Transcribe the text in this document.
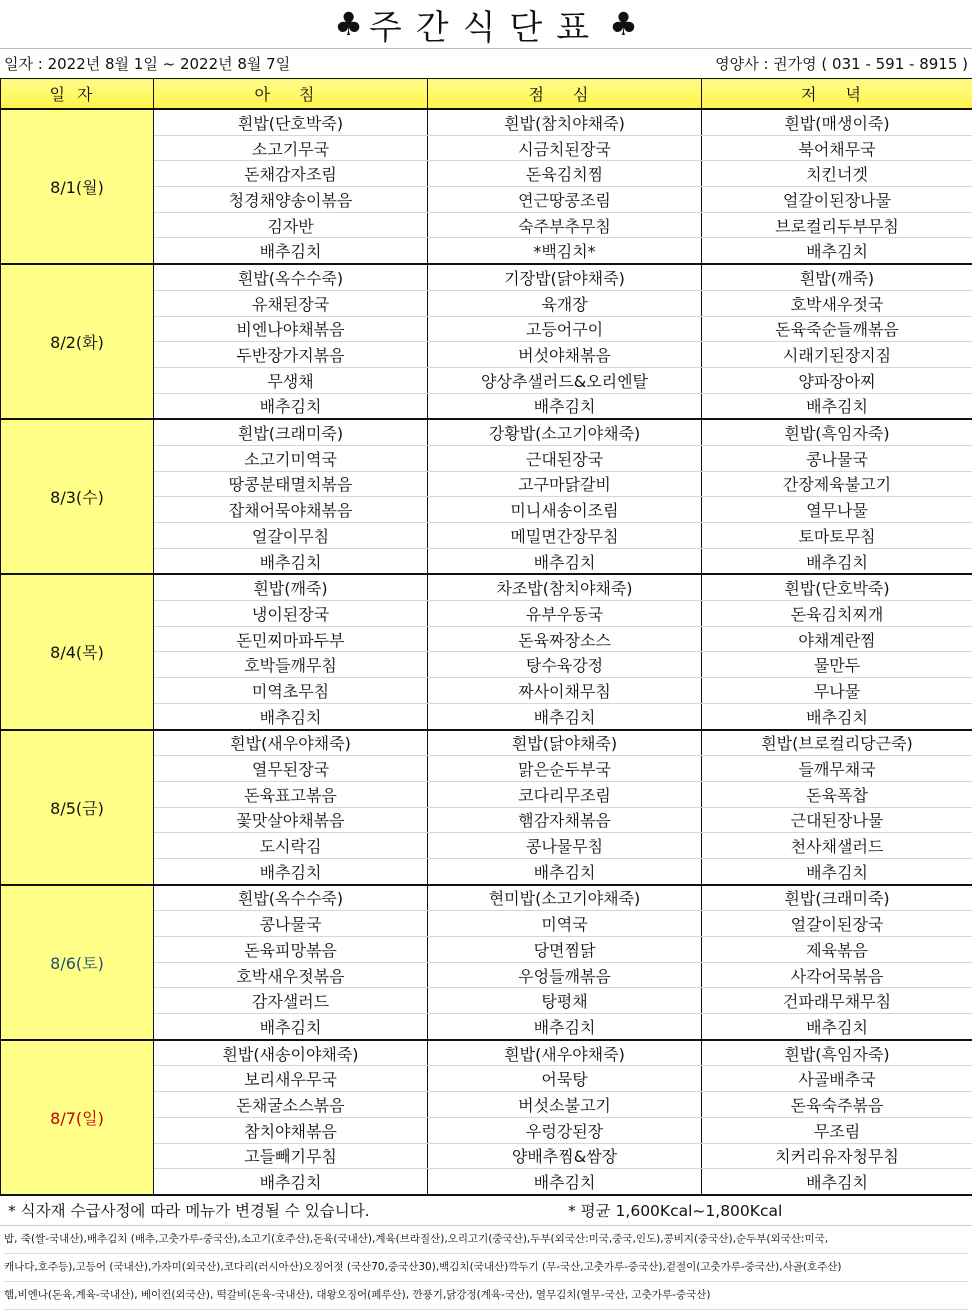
♣ 주간식단표 ♣
일자 : 2022년 8월 1일 ~ 2022년 8월 7일	영양사 : 권가영 ( 031 - 591 - 8915 )
일자	아 침	점 심	저 녁
8/1(월)	흰밥(단호박죽)	흰밥(참치야채죽)	흰밥(매생이죽)
	소고기무국	시금치된장국	북어채무국
	돈채감자조림	돈육김치찜	치킨너겟
	청경채양송이볶음	연근땅콩조림	얼갈이된장나물
	김자반	숙주부추무침	브로컬리두부무침
	배추김치	*백김치*	배추김치
8/2(화)	흰밥(옥수수죽)	기장밥(닭야채죽)	흰밥(깨죽)
	유채된장국	육개장	호박새우젓국
	비엔나야채볶음	고등어구이	돈육죽순들깨볶음
	두반장가지볶음	버섯야채볶음	시래기된장지짐
	무생채	양상추샐러드&오리엔탈	양파장아찌
	배추김치	배추김치	배추김치
8/3(수)	흰밥(크래미죽)	강황밥(소고기야채죽)	흰밥(흑임자죽)
	소고기미역국	근대된장국	콩나물국
	땅콩분태멸치볶음	고구마닭갈비	간장제육불고기
	잡채어묵야채볶음	미니새송이조림	열무나물
	얼갈이무침	메밀면간장무침	토마토무침
	배추김치	배추김치	배추김치
8/4(목)	흰밥(깨죽)	차조밥(참치야채죽)	흰밥(단호박죽)
	냉이된장국	유부우동국	돈육김치찌개
	돈민찌마파두부	돈육짜장소스	야채계란찜
	호박들깨무침	탕수육강정	물만두
	미역초무침	짜사이채무침	무나물
	배추김치	배추김치	배추김치
8/5(금)	흰밥(새우야채죽)	흰밥(닭야채죽)	흰밥(브로컬리당근죽)
	열무된장국	맑은순두부국	들깨무채국
	돈육표고볶음	코다리무조림	돈육폭찹
	꽃맛살야채볶음	햄감자채볶음	근대된장나물
	도시락김	콩나물무침	천사채샐러드
	배추김치	배추김치	배추김치
8/6(토)	흰밥(옥수수죽)	현미밥(소고기야채죽)	흰밥(크래미죽)
	콩나물국	미역국	얼갈이된장국
	돈육피망볶음	당면찜닭	제육볶음
	호박새우젓볶음	우엉들깨볶음	사각어묵볶음
	감자샐러드	탕평채	건파래무채무침
	배추김치	배추김치	배추김치
8/7(일)	흰밥(새송이야채죽)	흰밥(새우야채죽)	흰밥(흑임자죽)
	보리새우무국	어묵탕	사골배추국
	돈채굴소스볶음	버섯소불고기	돈육숙주볶음
	참치야채볶음	우렁강된장	무조림
	고들빼기무침	양배추찜&쌈장	치커리유자청무침
	배추김치	배추김치	배추김치
* 식자재 수급사정에 따라 메뉴가 변경될 수 있습니다.	* 평균 1,600Kcal~1,800Kcal
밥, 죽(쌀-국내산),배추김치 (배추,고춧가루-중국산),소고기(호주산),돈육(국내산),계육(브라질산),오리고기(중국산),두부(외국산:미국,중국,인도),콩비지(중국산),순두부(외국산:미국,
캐나다,호주등),고등어 (국내산),가자미(외국산),코다리(러시아산)오징어젓 (국산70,중국산30),백김치(국내산)깍두기 (무-국산,고춧가루-중국산),겉절이(고춧가루-중국산),사골(호주산)
햄,비엔나(돈육,계육-국내산), 베이컨(외국산), 떡갈비(돈육-국내산), 대왕오징어(페루산), 깐풍기,닭강정(계육-국산), 열무김치(열무-국산, 고춧가루-중국산)
